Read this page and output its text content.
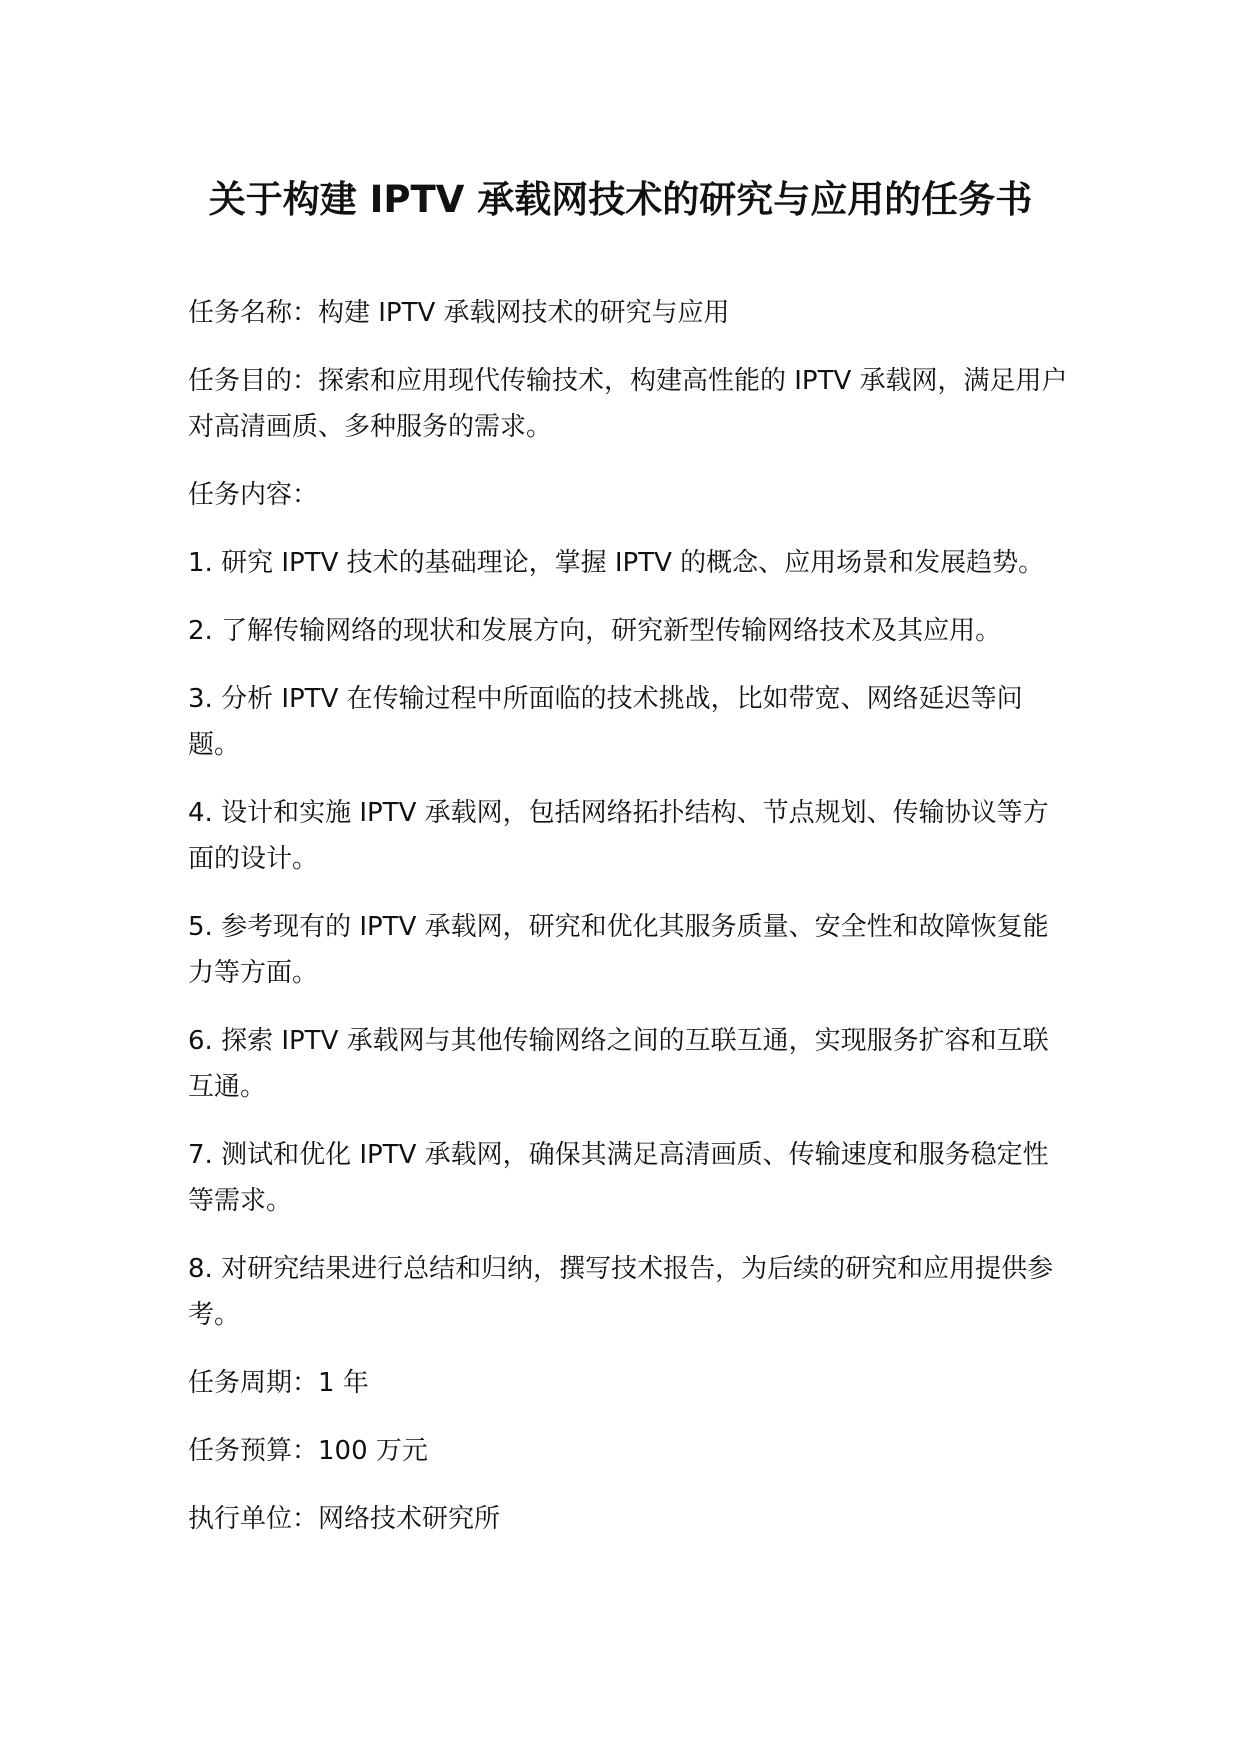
关于构建 IPTV 承载网技术的研究与应用的任务书

任务名称：构建 IPTV 承载网技术的研究与应用

任务目的：探索和应用现代传输技术，构建高性能的 IPTV 承载网，满足用户对高清画质、多种服务的需求。

任务内容：

1. 研究 IPTV 技术的基础理论，掌握 IPTV 的概念、应用场景和发展趋势。

2. 了解传输网络的现状和发展方向，研究新型传输网络技术及其应用。

3. 分析 IPTV 在传输过程中所面临的技术挑战，比如带宽、网络延迟等问题。

4. 设计和实施 IPTV 承载网，包括网络拓扑结构、节点规划、传输协议等方面的设计。

5. 参考现有的 IPTV 承载网，研究和优化其服务质量、安全性和故障恢复能力等方面。

6. 探索 IPTV 承载网与其他传输网络之间的互联互通，实现服务扩容和互联互通。

7. 测试和优化 IPTV 承载网，确保其满足高清画质、传输速度和服务稳定性等需求。

8. 对研究结果进行总结和归纳，撰写技术报告，为后续的研究和应用提供参考。

任务周期：1 年

任务预算：100 万元

执行单位：网络技术研究所
